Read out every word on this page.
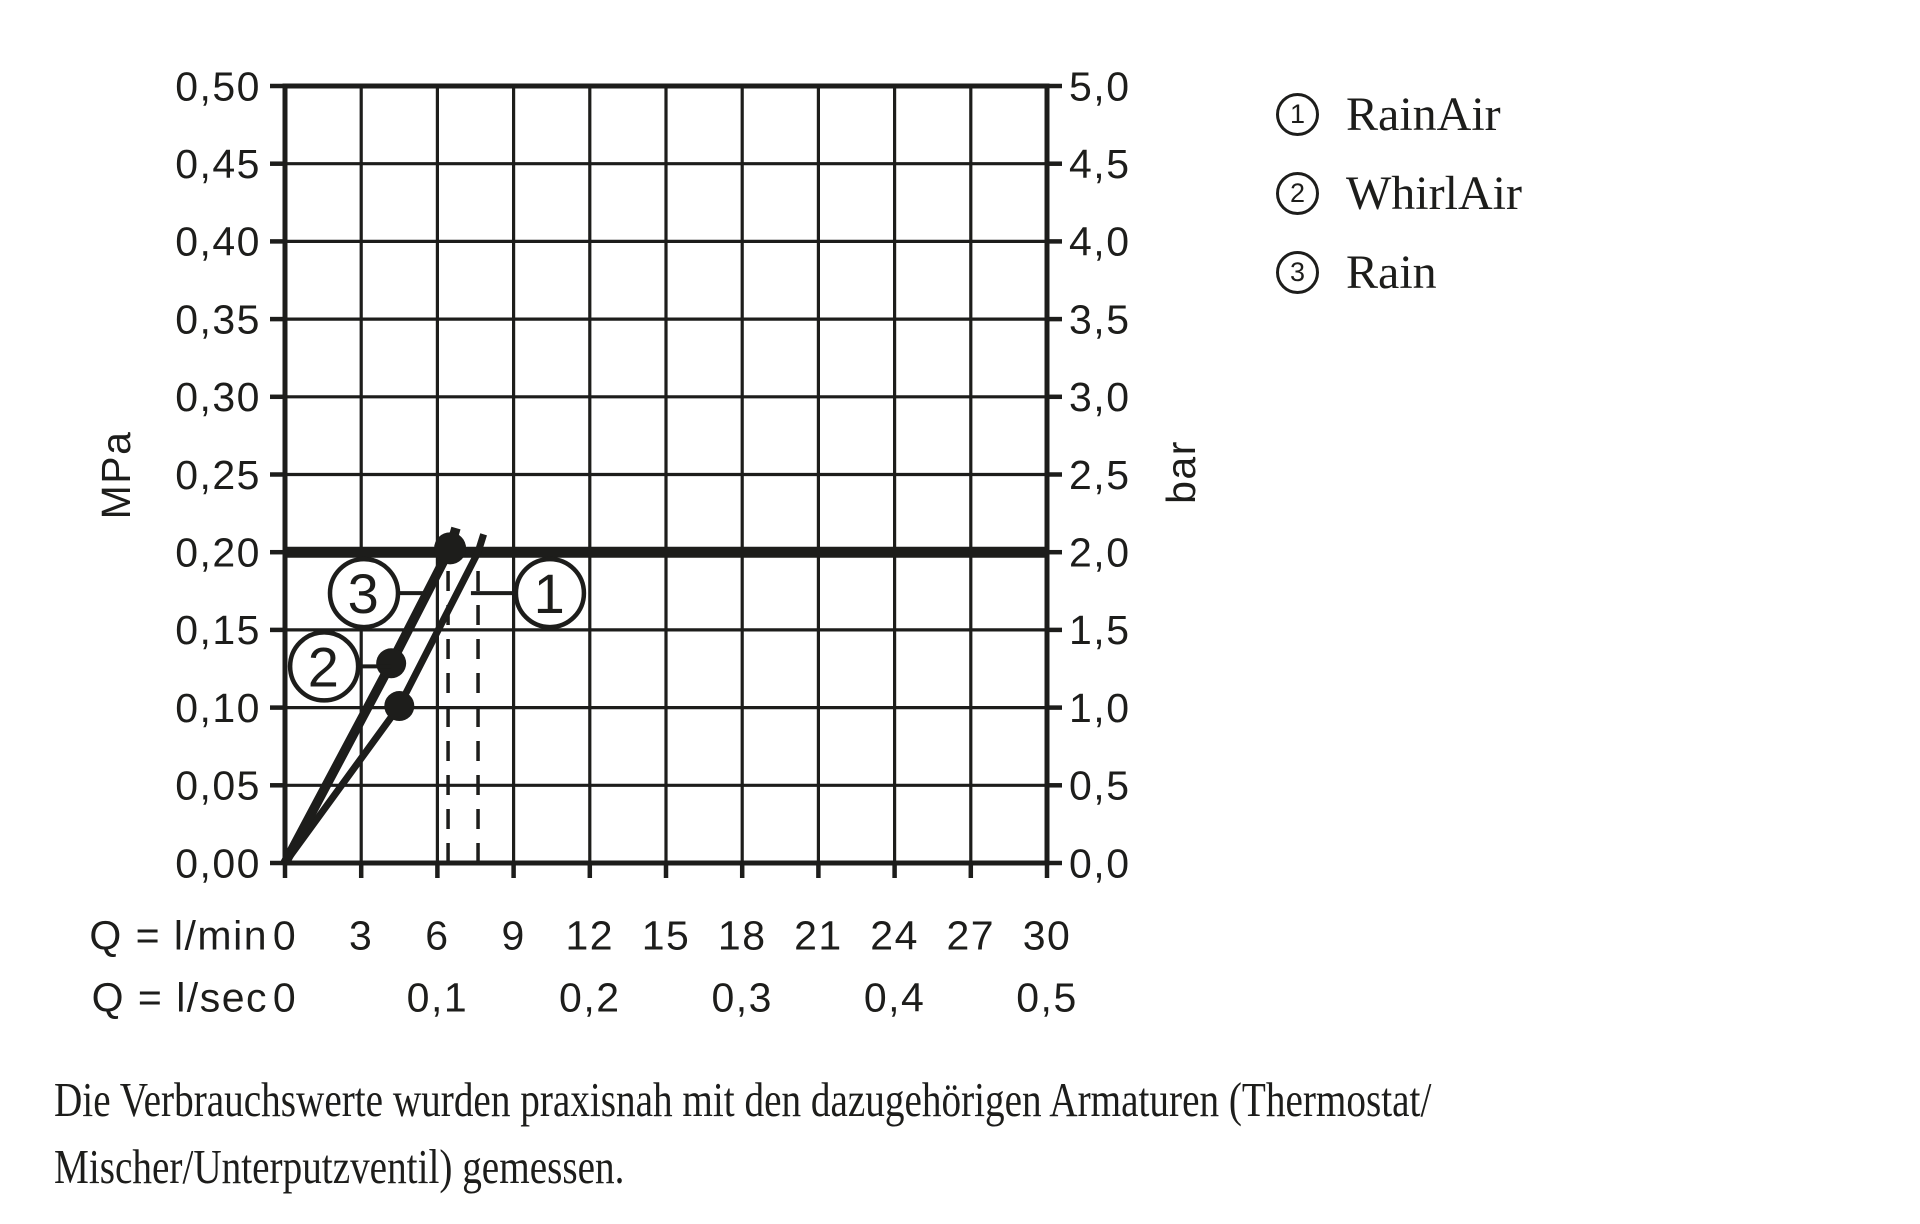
0,50	5,0
0,45	4,5
0,40	4,0
0,35	3,5
0,30	3,0
0,25	2,5
0,20	2,0
0,15	1,5
0,10	1,0
0,05	0,5
0,00	0,0
0 3 6 9 12 15 18 21 24 27 30
0	0,1 0,2 0,3 0,4 0,5
Q = l/min
Q = l/sec
MPa	bar
1
2
3
1 RainAir
2 WhirlAir
3 Rain
Die Verbrauchswerte wurden praxisnah mit den dazugehörigen Armaturen (Thermostat/
Mischer/Unterputzventil) gemessen.
